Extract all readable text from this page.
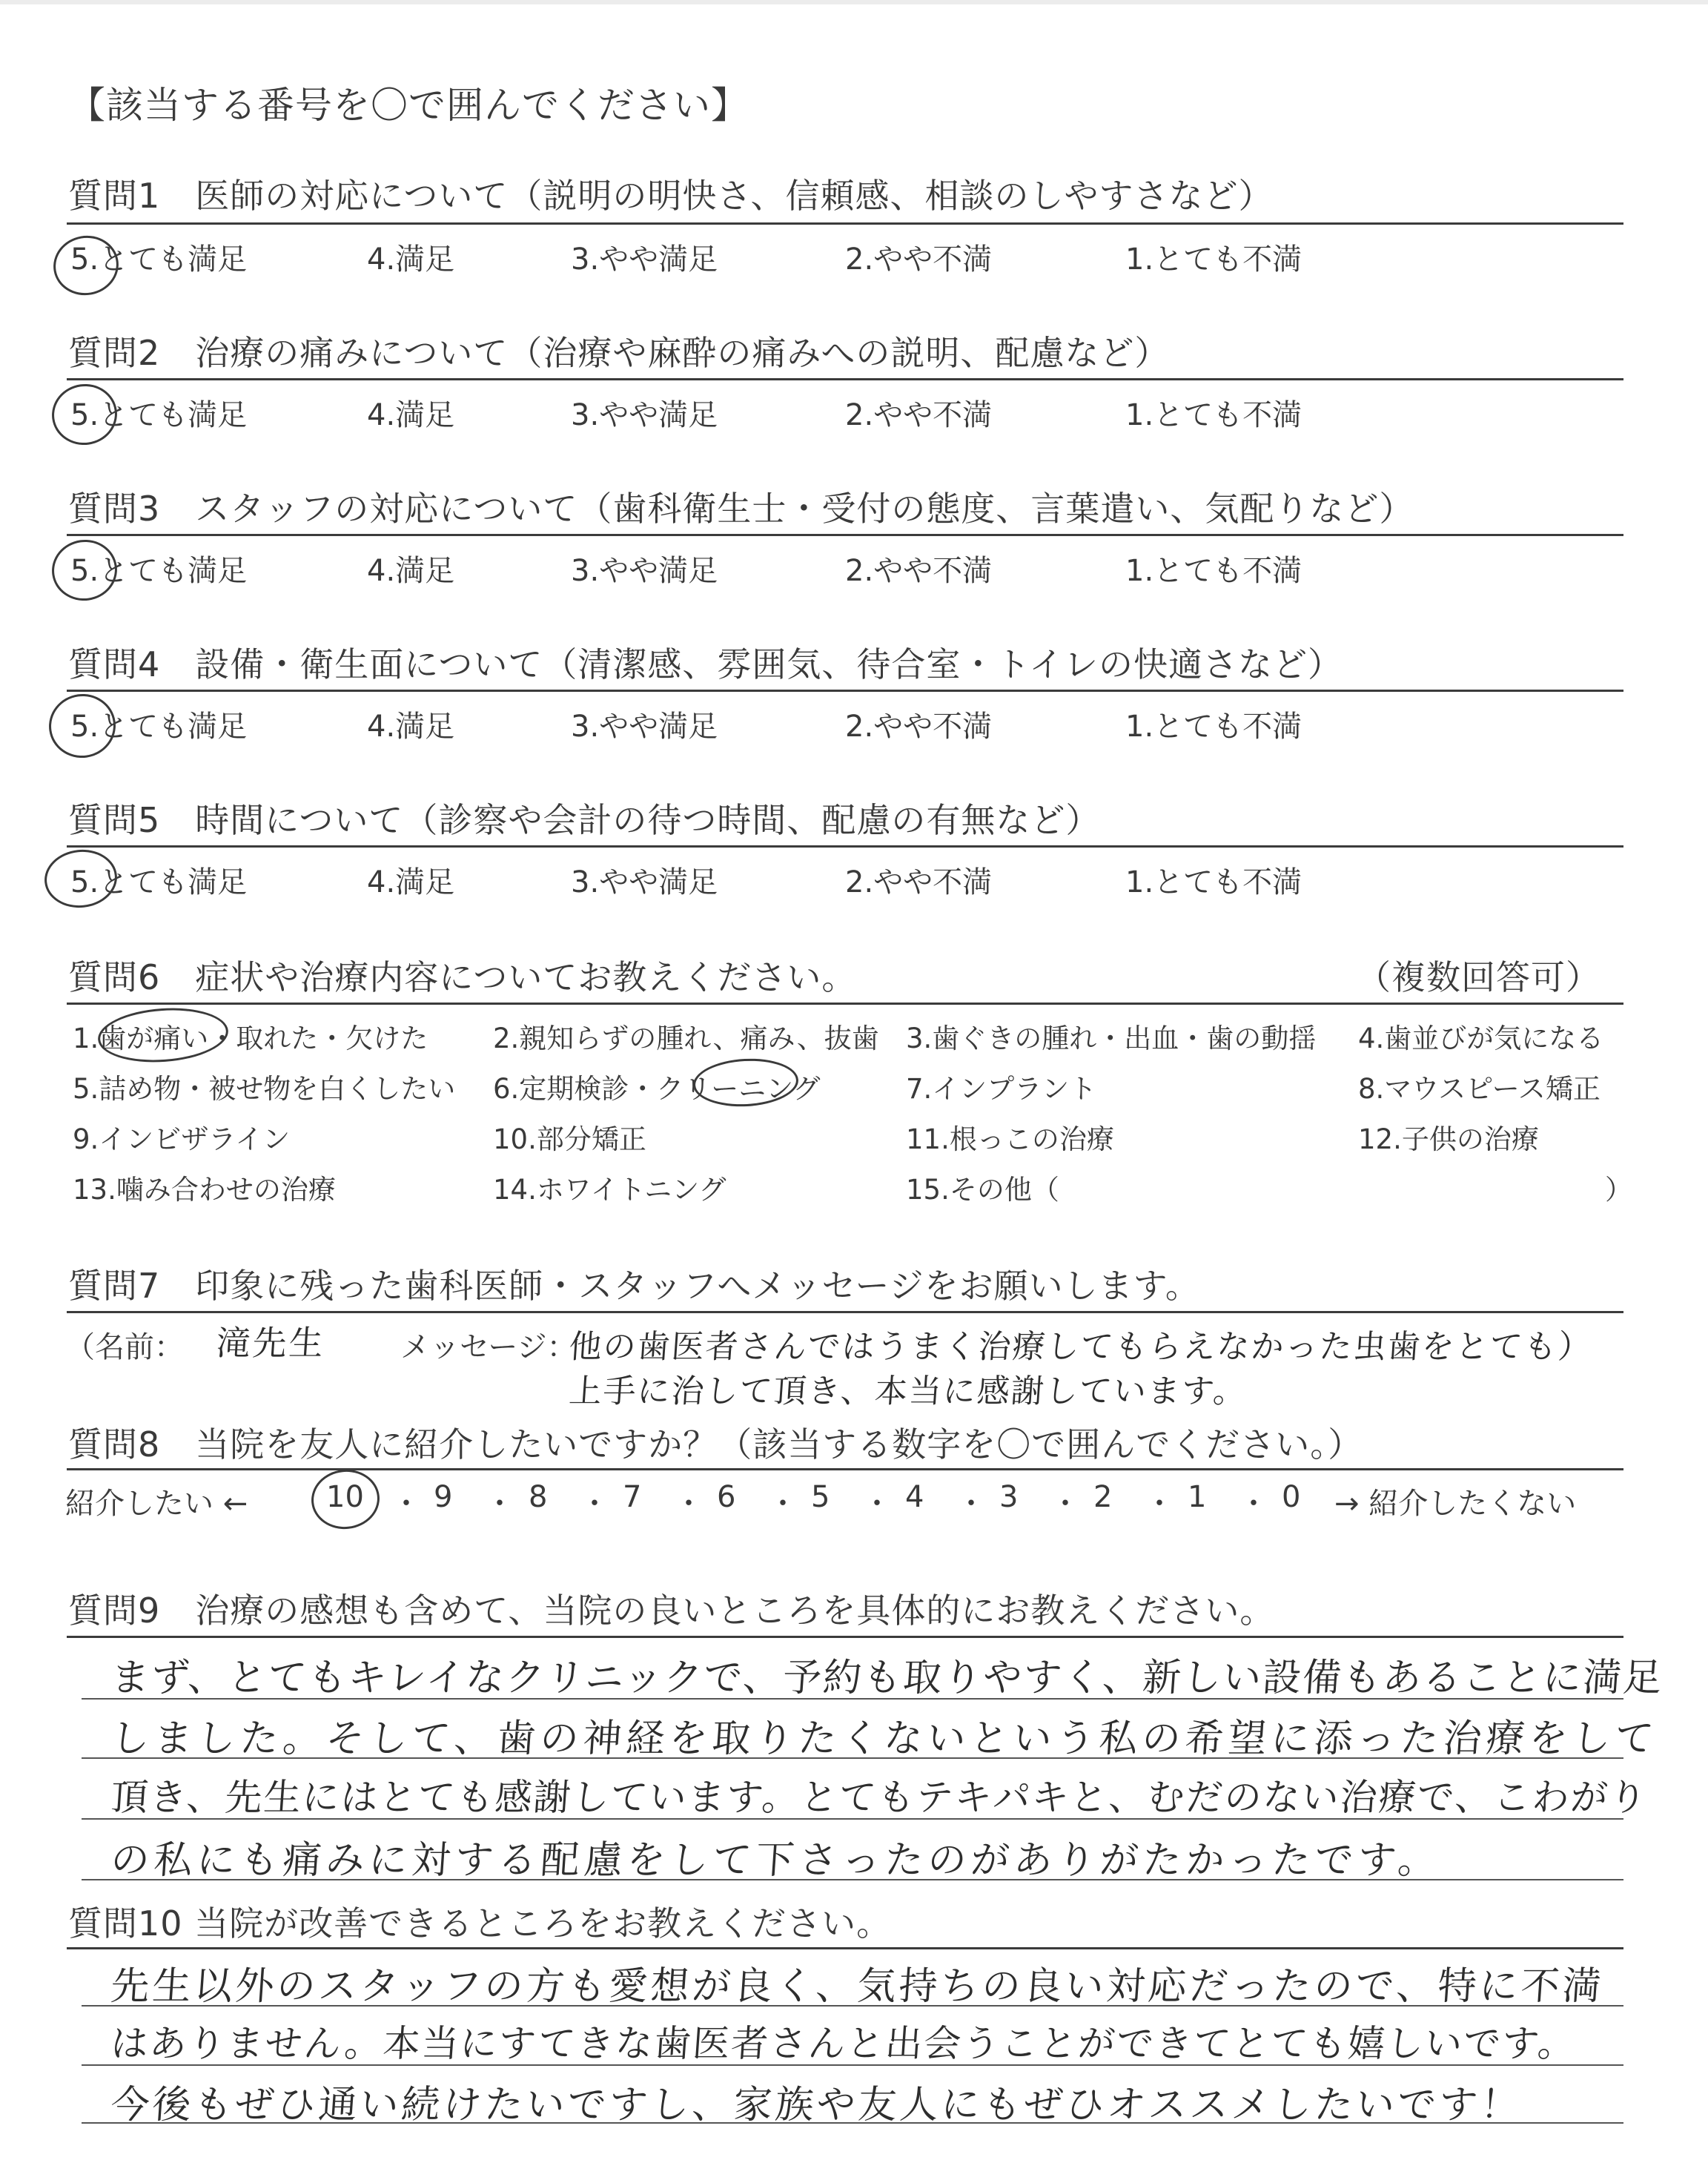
【該当する番号を〇で囲んでください】
質問1　医師の対応について（説明の明快さ、信頼感、相談のしやすさなど）
5.とても満足	4.満足	3.やや満足	2.やや不満	1.とても不満
質問2　治療の痛みについて（治療や麻酔の痛みへの説明、配慮など）
5.とても満足	4.満足	3.やや満足	2.やや不満	1.とても不満
質問3　スタッフの対応について（歯科衛生士・受付の態度、言葉遣い、気配りなど）
5.とても満足	4.満足	3.やや満足	2.やや不満	1.とても不満
質問4　設備・衛生面について（清潔感、雰囲気、待合室・トイレの快適さなど）
5.とても満足	4.満足	3.やや満足	2.やや不満	1.とても不満
質問5　時間について（診察や会計の待つ時間、配慮の有無など）
5.とても満足	4.満足	3.やや満足	2.やや不満	1.とても不満
質問6　症状や治療内容についてお教えください。	（複数回答可）
1.歯が痛い・取れた・欠けた 2.親知らずの腫れ、痛み、抜歯 3.歯ぐきの腫れ・出血・歯の動揺 4.歯並びが気になる
5.詰め物・被せ物を白くしたい 6.定期検診・クリーニング	7.インプラント	8.マウスピース矯正
9.インビザライン	10.部分矯正	11.根っこの治療	12.子供の治療
13.噛み合わせの治療	14.ホワイトニング	15.その他（	）
質問7　印象に残った歯科医師・スタッフへメッセージをお願いします。
（名前： 滝先生 メッセージ：
他の歯医者さんではうまく治療してもらえなかった虫歯をとても）
上手に治して頂き、本当に感謝しています。
質問8　当院を友人に紹介したいですか？（該当する数字を〇で囲んでください。）
紹介したい ←	10 ・ 9 ・ 8 ・ 7 ・ 6 ・ 5 ・ 4 ・ 3 ・ 2 ・ 1 ・ 0 → 紹介したくない
質問9　治療の感想も含めて、当院の良いところを具体的にお教えください。
まず、とてもキレイなクリニックで、予約も取りやすく、新しい設備もあることに満足
しました。そして、歯の神経を取りたくないという私の希望に添った治療をして
頂き、先生にはとても感謝しています。とてもテキパキと、むだのない治療で、こわがり
の私にも痛みに対する配慮をして下さったのがありがたかったです。
質問10 当院が改善できるところをお教えください。
先生以外のスタッフの方も愛想が良く、気持ちの良い対応だったので、特に不満
はありません。本当にすてきな歯医者さんと出会うことができてとても嬉しいです。
今後もぜひ通い続けたいですし、家族や友人にもぜひオススメしたいです！
